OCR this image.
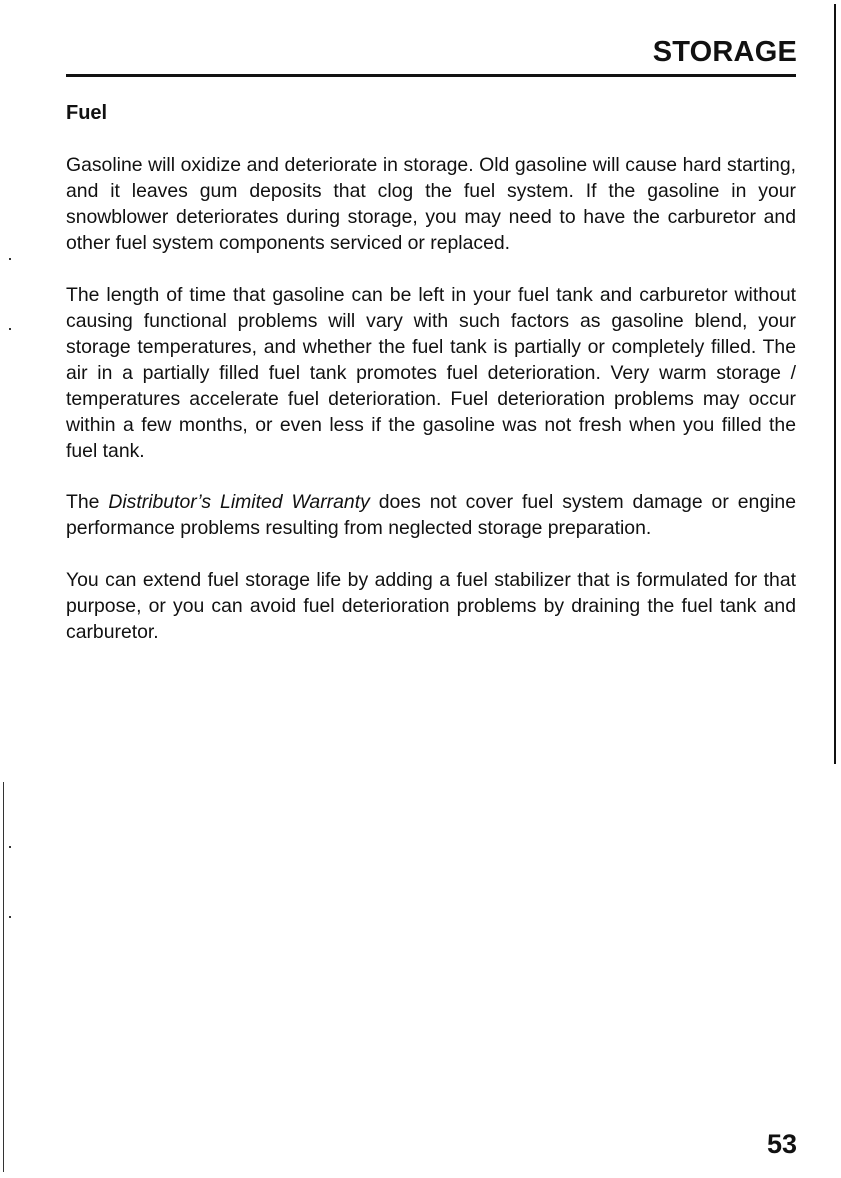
STORAGE
Fuel

Gasoline will oxidize and deteriorate in storage. Old gasoline will cause hard starting, and it leaves gum deposits that clog the fuel system. If the gasoline in your snowblower deteriorates during storage, you may need to have the carburetor and other fuel system components serviced or replaced.

The length of time that gasoline can be left in your fuel tank and carburetor without causing functional problems will vary with such factors as gasoline blend, your storage temperatures, and whether the fuel tank is partially or completely filled. The air in a partially filled fuel tank promotes fuel deterioration. Very warm storage / temperatures accelerate fuel deterioration. Fuel deterioration problems may occur within a few months, or even less if the gasoline was not fresh when you filled the fuel tank.

The Distributor’s Limited Warranty does not cover fuel system damage or engine performance problems resulting from neglected storage preparation.

You can extend fuel storage life by adding a fuel stabilizer that is formulated for that purpose, or you can avoid fuel deterioration problems by draining the fuel tank and carburetor.

53
